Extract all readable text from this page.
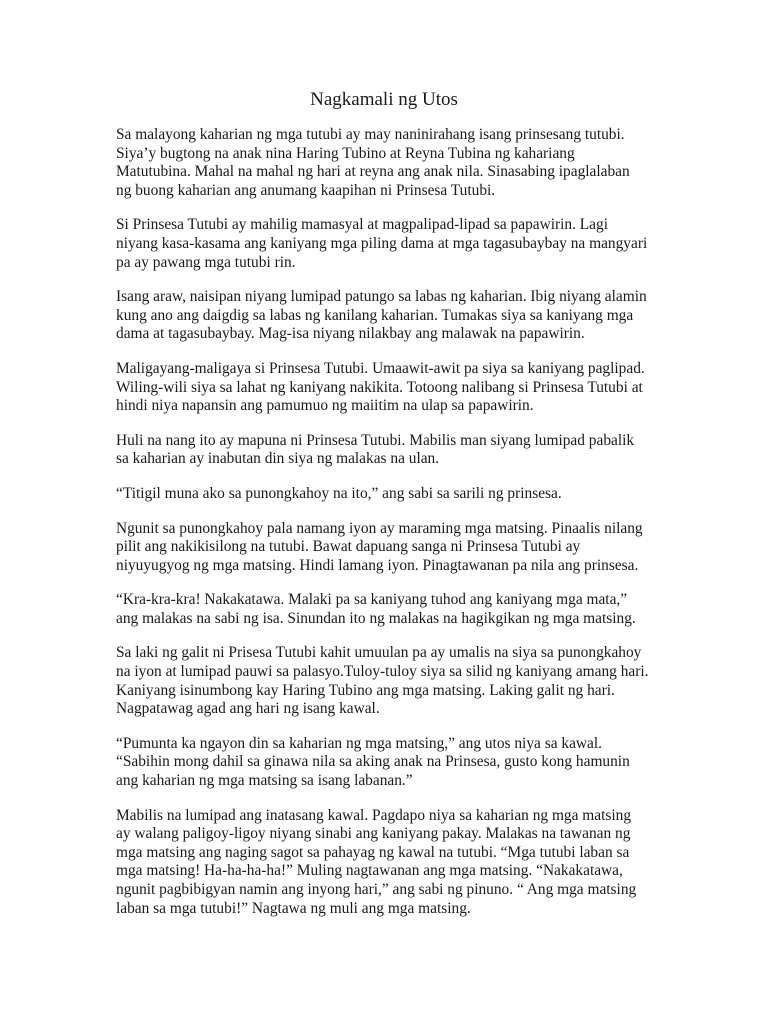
Nagkamali ng Utos

Sa malayong kaharian ng mga tutubi ay may naninirahang isang prinsesang tutubi.
Siya’y bugtong na anak nina Haring Tubino at Reyna Tubina ng kahariang
Matutubina. Mahal na mahal ng hari at reyna ang anak nila. Sinasabing ipaglalaban
ng buong kaharian ang anumang kaapihan ni Prinsesa Tutubi.

Si Prinsesa Tutubi ay mahilig mamasyal at magpalipad-lipad sa papawirin. Lagi
niyang kasa-kasama ang kaniyang mga piling dama at mga tagasubaybay na mangyari
pa ay pawang mga tutubi rin.

Isang araw, naisipan niyang lumipad patungo sa labas ng kaharian. Ibig niyang alamin
kung ano ang daigdig sa labas ng kanilang kaharian. Tumakas siya sa kaniyang mga
dama at tagasubaybay. Mag-isa niyang nilakbay ang malawak na papawirin.

Maligayang-maligaya si Prinsesa Tutubi. Umaawit-awit pa siya sa kaniyang paglipad.
Wiling-wili siya sa lahat ng kaniyang nakikita. Totoong nalibang si Prinsesa Tutubi at
hindi niya napansin ang pamumuo ng maiitim na ulap sa papawirin.

Huli na nang ito ay mapuna ni Prinsesa Tutubi. Mabilis man siyang lumipad pabalik
sa kaharian ay inabutan din siya ng malakas na ulan.

“Titigil muna ako sa punongkahoy na ito,” ang sabi sa sarili ng prinsesa.

Ngunit sa punongkahoy pala namang iyon ay maraming mga matsing. Pinaalis nilang
pilit ang nakikisilong na tutubi. Bawat dapuang sanga ni Prinsesa Tutubi ay
niyuyugyog ng mga matsing. Hindi lamang iyon. Pinagtawanan pa nila ang prinsesa.

“Kra-kra-kra! Nakakatawa. Malaki pa sa kaniyang tuhod ang kaniyang mga mata,”
ang malakas na sabi ng isa. Sinundan ito ng malakas na hagikgikan ng mga matsing.

Sa laki ng galit ni Prisesa Tutubi kahit umuulan pa ay umalis na siya sa punongkahoy
na iyon at lumipad pauwi sa palasyo.Tuloy-tuloy siya sa silid ng kaniyang amang hari.
Kaniyang isinumbong kay Haring Tubino ang mga matsing. Laking galit ng hari.
Nagpatawag agad ang hari ng isang kawal.

“Pumunta ka ngayon din sa kaharian ng mga matsing,” ang utos niya sa kawal.
“Sabihin mong dahil sa ginawa nila sa aking anak na Prinsesa, gusto kong hamunin
ang kaharian ng mga matsing sa isang labanan.”

Mabilis na lumipad ang inatasang kawal. Pagdapo niya sa kaharian ng mga matsing
ay walang paligoy-ligoy niyang sinabi ang kaniyang pakay. Malakas na tawanan ng
mga matsing ang naging sagot sa pahayag ng kawal na tutubi. “Mga tutubi laban sa
mga matsing! Ha-ha-ha-ha!” Muling nagtawanan ang mga matsing. “Nakakatawa,
ngunit pagbibigyan namin ang inyong hari,” ang sabi ng pinuno. “ Ang mga matsing
laban sa mga tutubi!” Nagtawa ng muli ang mga matsing.
